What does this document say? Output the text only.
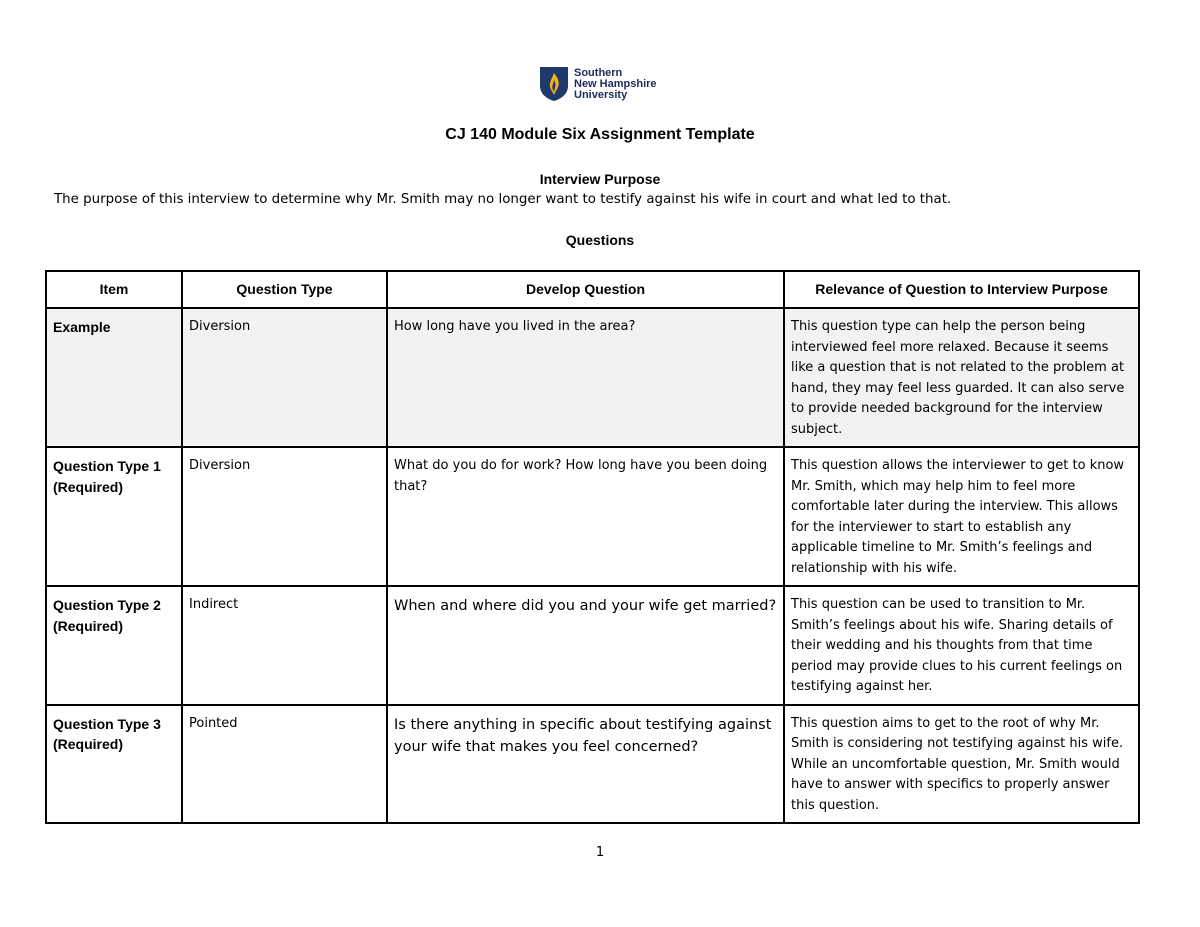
Southern
New Hampshire
University
CJ 140 Module Six Assignment Template
Interview Purpose
The purpose of this interview to determine why Mr. Smith may no longer want to testify against his wife in court and what led to that.
Questions
Item	Question Type	Develop Question	Relevance of Question to Interview Purpose
Example	Diversion	How long have you lived in the area?	This question type can help the person being interviewed feel more relaxed. Because it seems like a question that is not related to the problem at hand, they may feel less guarded. It can also serve to provide needed background for the interview subject.
Question Type 1 (Required)	Diversion	What do you do for work? How long have you been doing that?	This question allows the interviewer to get to know Mr. Smith, which may help him to feel more comfortable later during the interview. This allows for the interviewer to start to establish any applicable timeline to Mr. Smith’s feelings and relationship with his wife.
Question Type 2 (Required)	Indirect	When and where did you and your wife get married?	This question can be used to transition to Mr. Smith’s feelings about his wife. Sharing details of their wedding and his thoughts from that time period may provide clues to his current feelings on testifying against her.
Question Type 3 (Required)	Pointed	Is there anything in specific about testifying against your wife that makes you feel concerned?	This question aims to get to the root of why Mr. Smith is considering not testifying against his wife. While an uncomfortable question, Mr. Smith would have to answer with specifics to properly answer this question.
1
